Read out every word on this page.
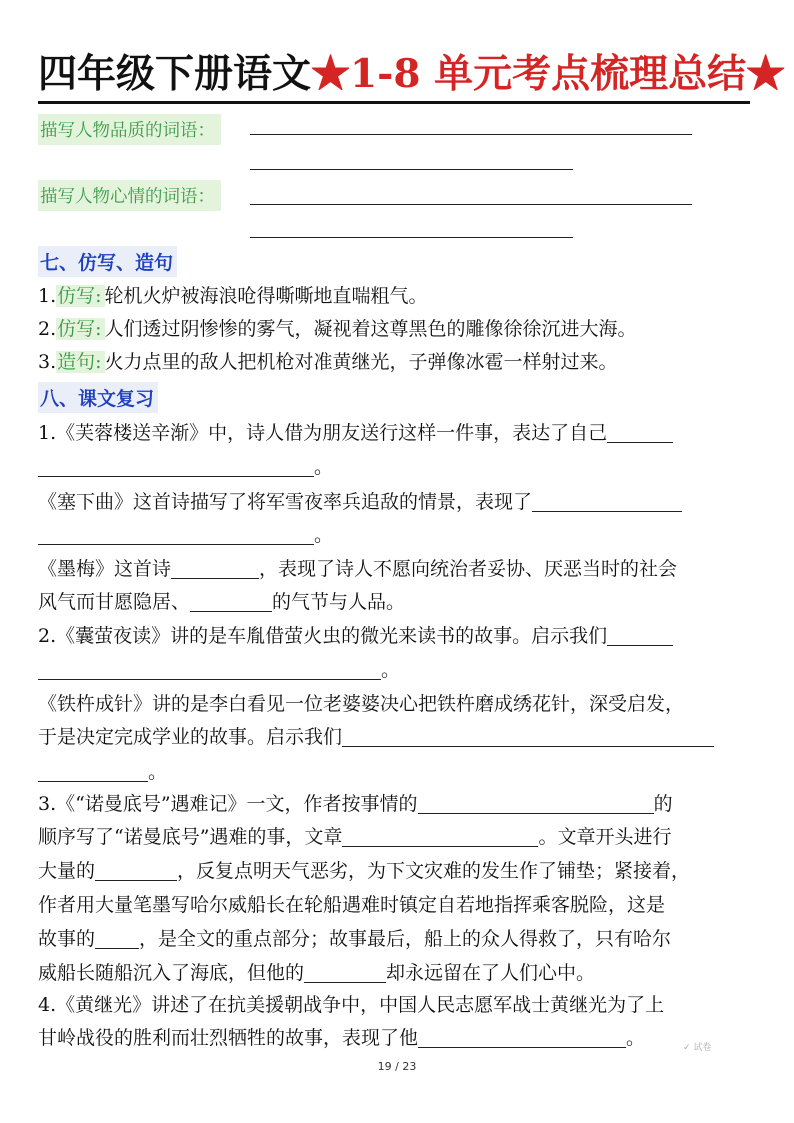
四年级下册语文★1-8 单元考点梳理总结★
描写人物品质的词语：
描写人物心情的词语：
七、仿写、造句

1.仿写: 轮机火炉被海浪呛得嘶嘶地直喘粗气。

2.仿写: 人们透过阴惨惨的雾气，凝视着这尊黑色的雕像徐徐沉进大海。

3.造句: 火力点里的敌人把机枪对准黄继光，子弹像冰雹一样射过来。

八、课文复习

1.《芙蓉楼送辛渐》中，诗人借为朋友送行这样一件事，表达了自己

。

《塞下曲》这首诗描写了将军雪夜率兵追敌的情景，表现了

。

《墨梅》这首诗	，表现了诗人不愿向统治者妥协、厌恶当时的社会

风气而甘愿隐居、	的气节与人品。

2.《囊萤夜读》讲的是车胤借萤火虫的微光来读书的故事。启示我们

。

《铁杵成针》讲的是李白看见一位老婆婆决心把铁杵磨成绣花针，深受启发，

于是决定完成学业的故事。启示我们

。

3.《“诺曼底号”遇难记》一文，作者按事情的	的

顺序写了“诺曼底号”遇难的事，文章	。文章开头进行

大量的	，反复点明天气恶劣，为下文灾难的发生作了铺垫；紧接着，

作者用大量笔墨写哈尔威船长在轮船遇难时镇定自若地指挥乘客脱险，这是

故事的 ，是全文的重点部分；故事最后，船上的众人得救了，只有哈尔

威船长随船沉入了海底，但他的	却永远留在了人们心中。

4.《黄继光》讲述了在抗美援朝战争中，中国人民志愿军战士黄继光为了上

甘岭战役的胜利而壮烈牺牲的故事，表现了他	。	✓ 试卷
19 / 23
